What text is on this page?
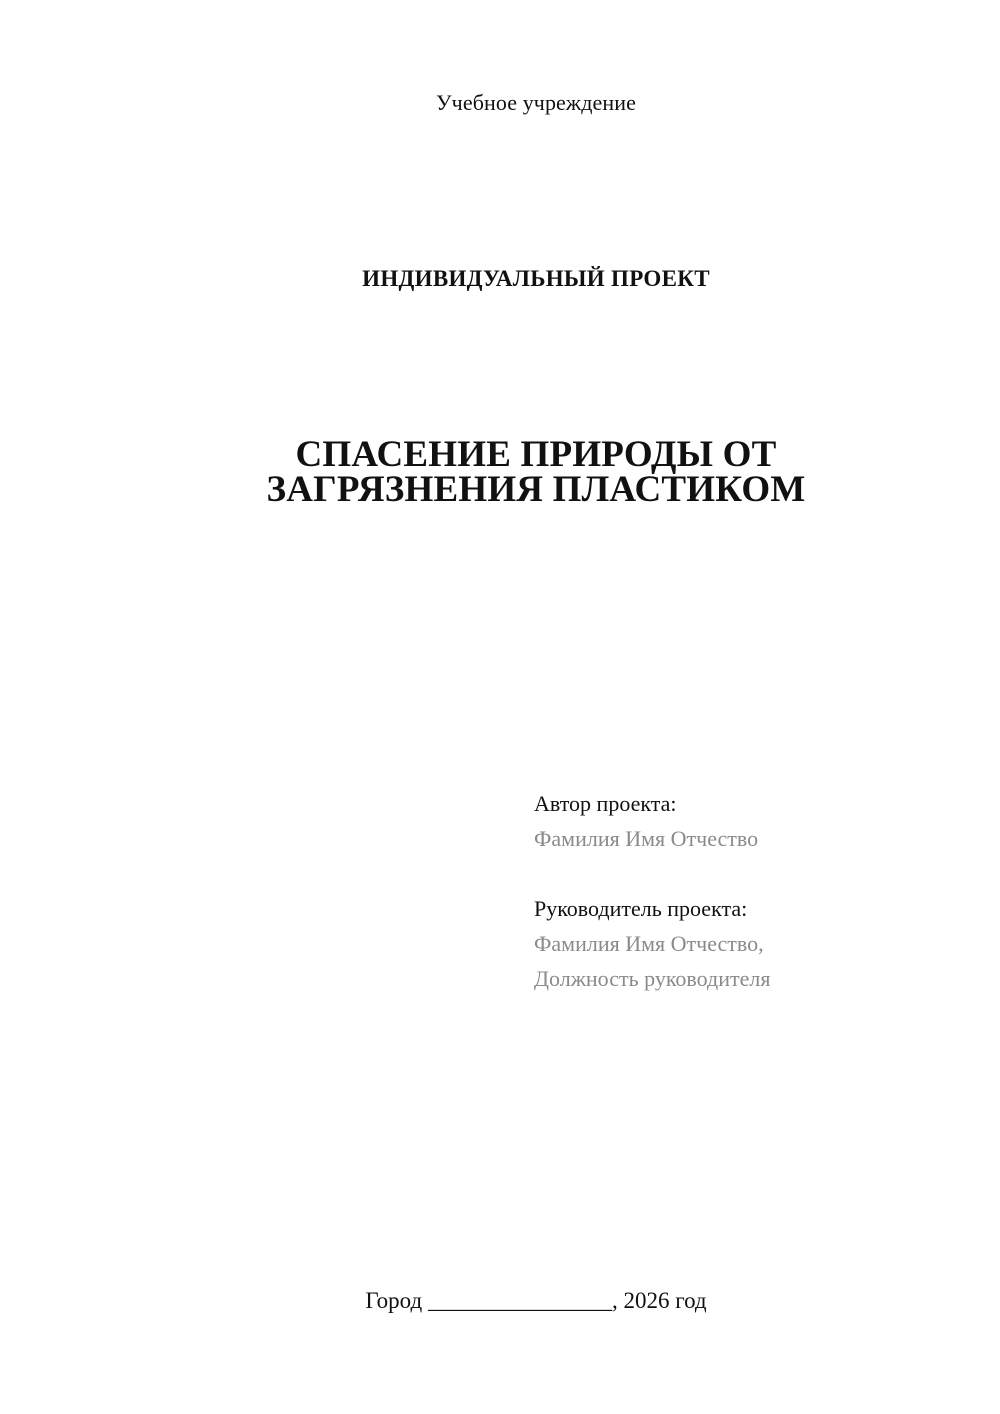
Учебное учреждение
ИНДИВИДУАЛЬНЫЙ ПРОЕКТ
СПАСЕНИЕ ПРИРОДЫ ОТ
ЗАГРЯЗНЕНИЯ ПЛАСТИКОМ
Автор проекта:
Фамилия Имя Отчество
Руководитель проекта:
Фамилия Имя Отчество,
Должность руководителя
Город ________________, 2026 год
